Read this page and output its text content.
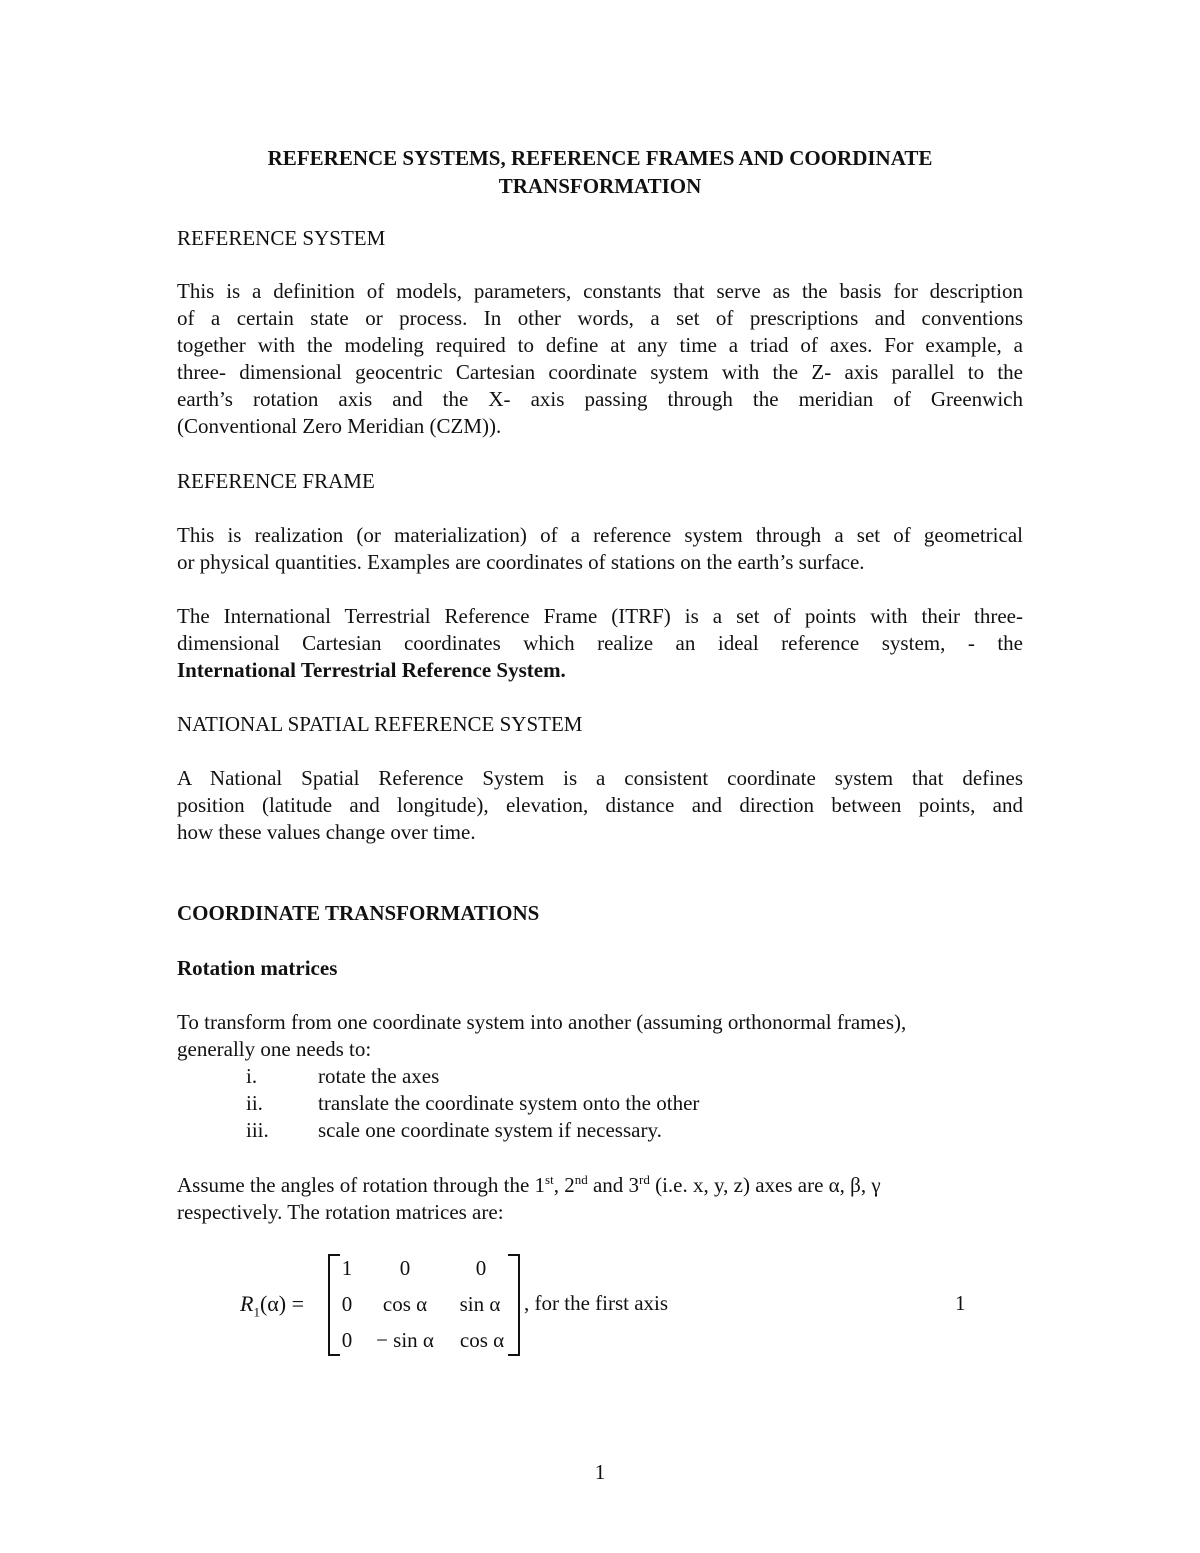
REFERENCE SYSTEMS, REFERENCE FRAMES AND COORDINATE
TRANSFORMATION
REFERENCE SYSTEM
This is a definition of models, parameters, constants that serve as the basis for description
of a certain state or process. In other words, a set of prescriptions and conventions
together with the modeling required to define at any time a triad of axes. For example, a
three- dimensional geocentric Cartesian coordinate system with the Z- axis parallel to the
earth’s rotation axis and the X- axis passing through the meridian of Greenwich
(Conventional Zero Meridian (CZM)).
REFERENCE FRAME
This is realization (or materialization) of a reference system through a set of geometrical
or physical quantities. Examples are coordinates of stations on the earth’s surface.
The International Terrestrial Reference Frame (ITRF) is a set of points with their three-
dimensional Cartesian coordinates which realize an ideal reference system, - the
International Terrestrial Reference System.
NATIONAL SPATIAL REFERENCE SYSTEM
A National Spatial Reference System is a consistent coordinate system that defines
position (latitude and longitude), elevation, distance and direction between points, and
how these values change over time.
COORDINATE TRANSFORMATIONS
Rotation matrices
To transform from one coordinate system into another (assuming orthonormal frames),
generally one needs to:
i.	rotate the axes
ii.	translate the coordinate system onto the other
iii. scale one coordinate system if necessary.
Assume the angles of rotation through the 1st, 2nd and 3rd (i.e. x, y, z) axes are α, β, γ
respectively. The rotation matrices are:
$R_1(\alpha)$ =
1	0	0
0	cos α	sin α
0	− sin α	cos α
, for the first axis	1
1
